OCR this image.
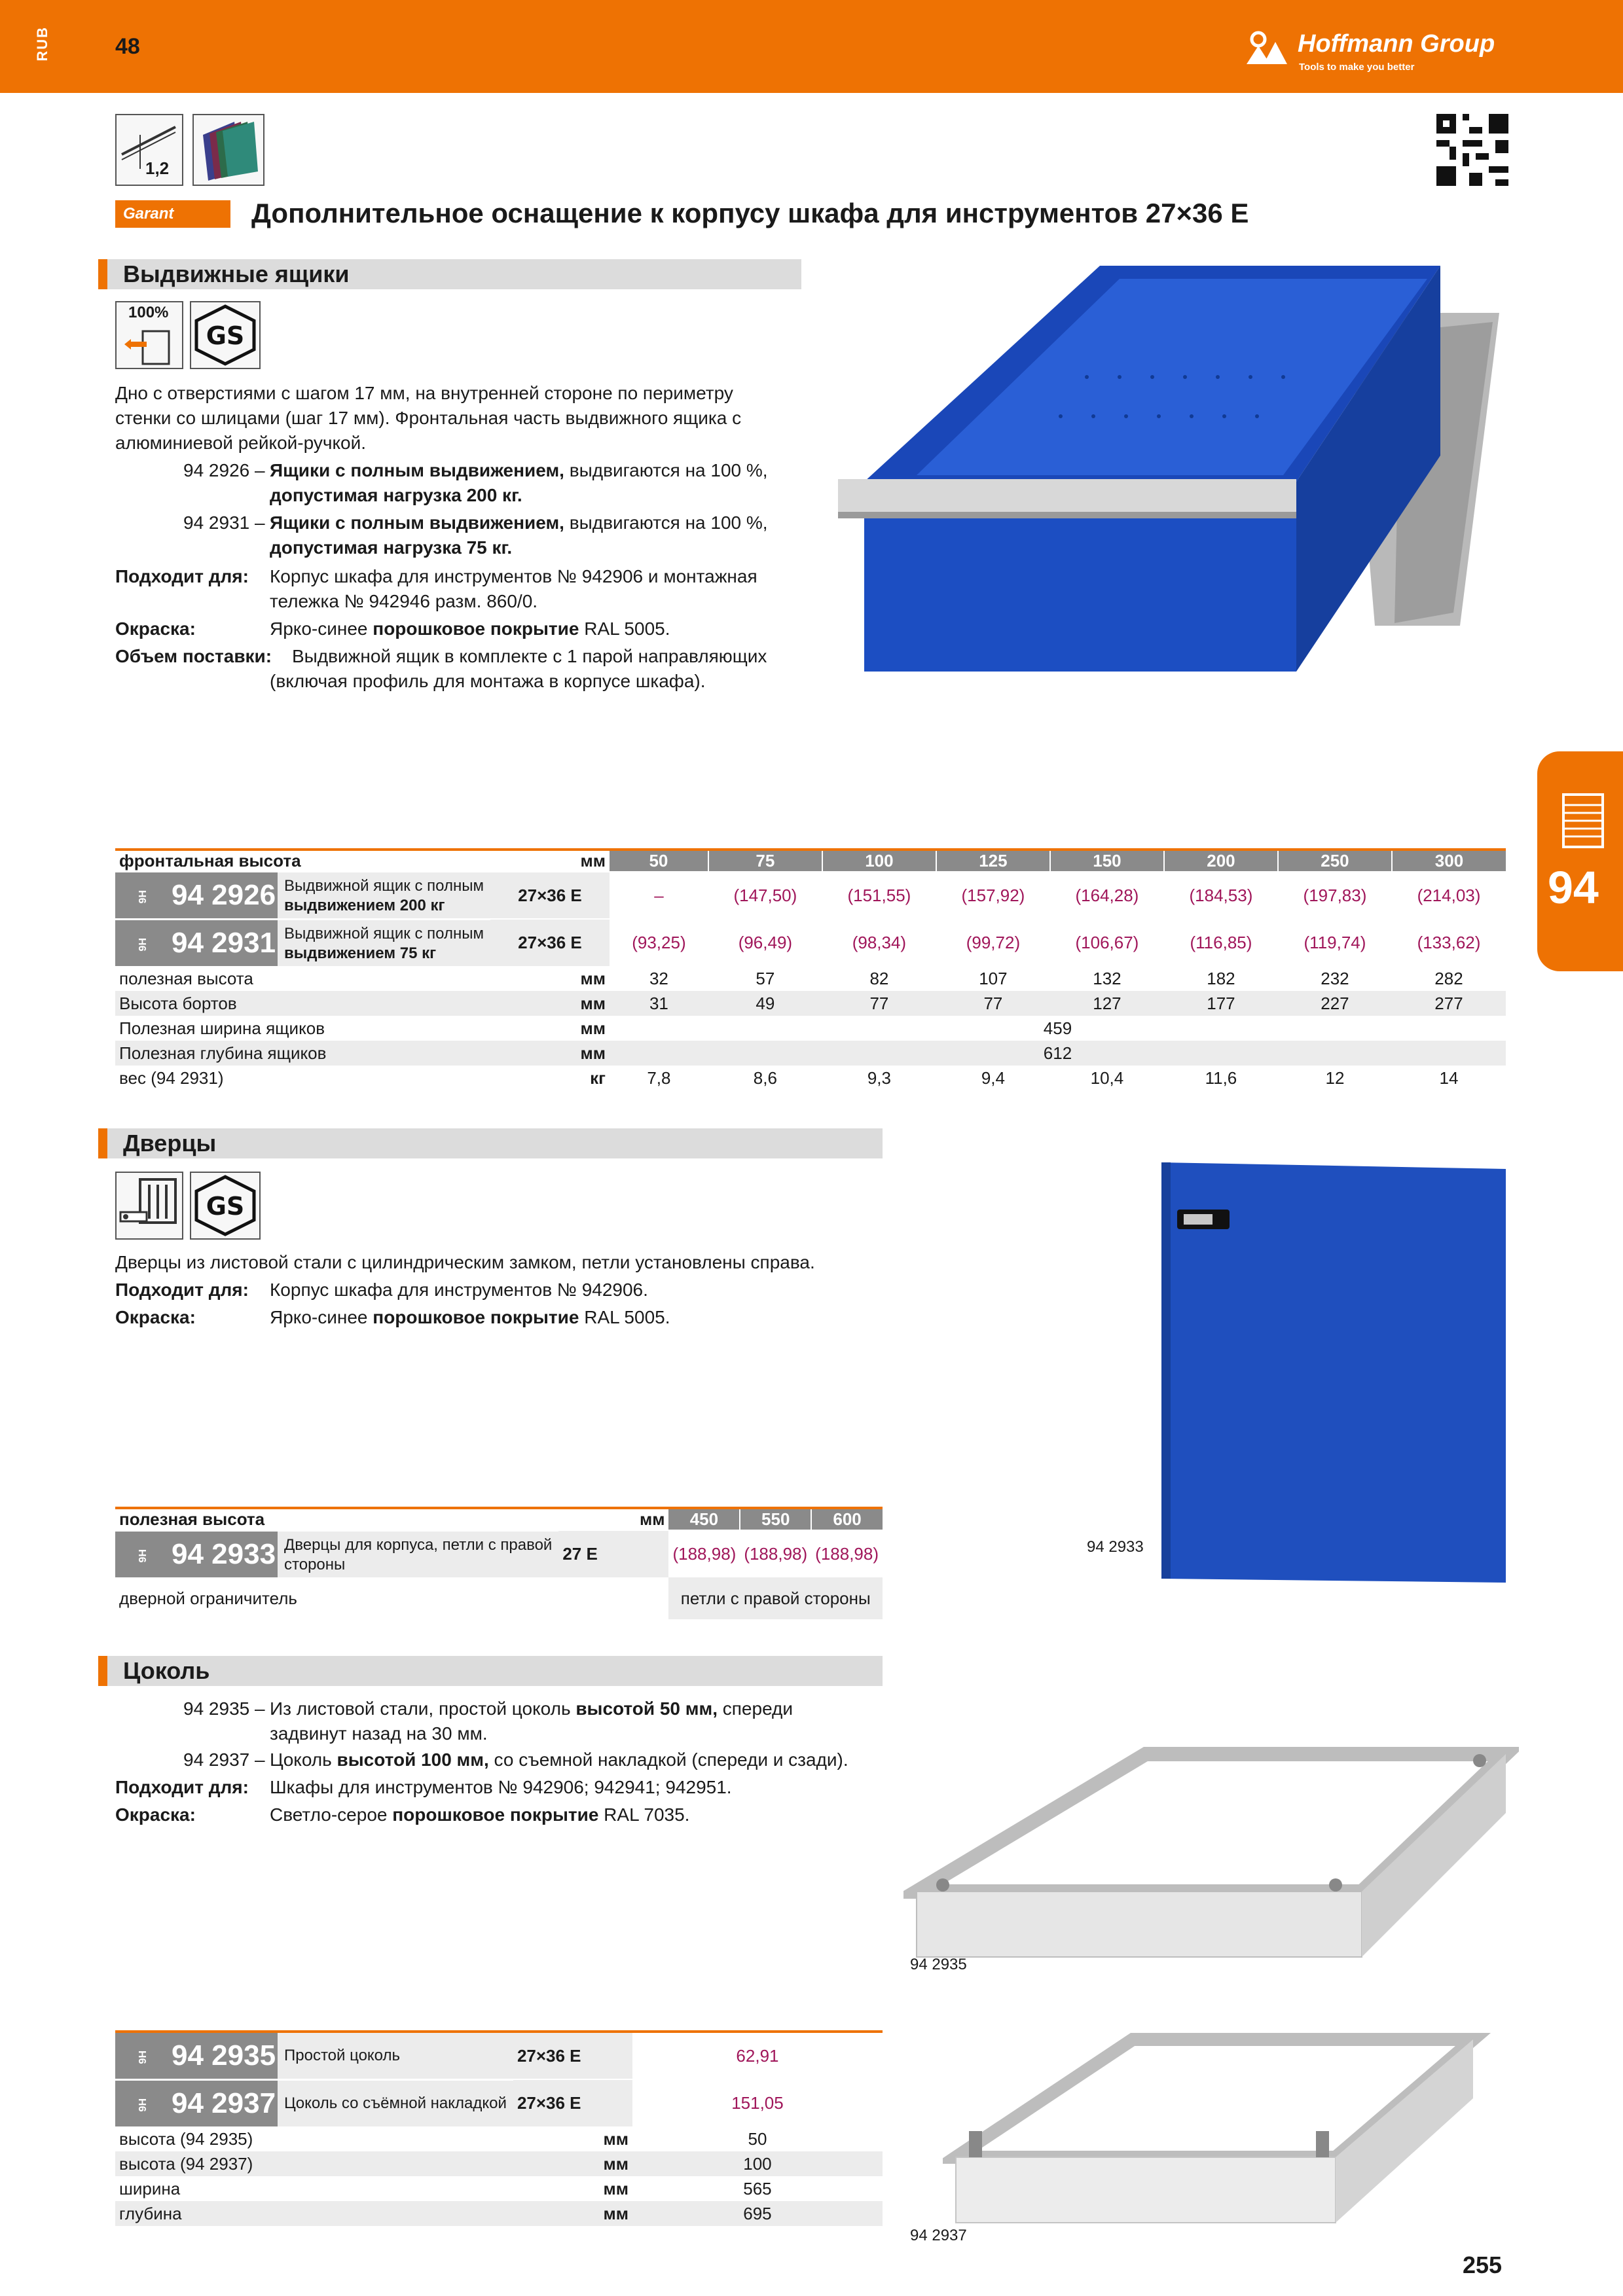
RUB	48	Hoffmann Group
Tools to make you better
1,2
Garant	Дополнительное оснащение к корпусу шкафа для инструментов 27×36 E
Выдвижные ящики
100%
GS
Дно с отверстиями с шагом 17 мм, на внутренней стороне по периметру
стенки со шлицами (шаг 17 мм). Фронтальная часть выдвижного ящика с
алюминиевой рейкой-ручкой.
94 2926 – Ящики с полным выдвижением, выдвигаются на 100 %,
допустимая нагрузка 200 кг.
94 2931 – Ящики с полным выдвижением, выдвигаются на 100 %,
допустимая нагрузка 75 кг.
Подходит для: Корпус шкафа для инструментов № 942906 и монтажная
тележка № 942946 разм. 860/0.
Окраска:	Ярко-синее порошковое покрытие RAL 5005.
Объем поставки: Выдвижной ящик в комплекте с 1 парой направляющих
(включая профиль для монтажа в корпусе шкафа).
фронтальная высота	мм	50	75	100	125	150	200	250	300

9H 94 2926 Выдвижной ящик с полным
выдвижением 200 кг	27×36 E	–	(147,50)	(151,55)	(157,92)	(164,28)	(184,53)	(197,83)	(214,03)

9H 94 2931 Выдвижной ящик с полным
выдвижением 75 кг	27×36 E	(93,25)	(96,49)	(98,34)	(99,72)	(106,67)	(116,85)	(119,74)	(133,62)
полезная высота	мм	32	57	82	107	132	182	232	282
Высота бортов	мм	31	49	77	77	127	177	227	277
Полезная ширина ящиков	мм	459							
Полезная глубина ящиков	мм	612							
вес (94 2931)	кг	7,8	8,6	9,3	9,4	10,4	11,6	12	14
94
Дверцы
GS
Дверцы из листовой стали с цилиндрическим замком, петли установлены справа.
Подходит для: Корпус шкафа для инструментов № 942906.
Окраска:	Ярко-синее порошковое покрытие RAL 5005.
94 2933
полезная высота	мм	450	550	600

9H 94 2933 Дверцы для корпуса, петли с правой
стороны	27 E	(188,98)	(188,98)	(188,98)
дверной ограничитель		петли с правой стороны		
Цоколь
94 2935 – Из листовой стали, простой цоколь высотой 50 мм, спереди
задвинут назад на 30 мм.
94 2937 – Цоколь высотой 100 мм, со съемной накладкой (спереди и сзади).
Подходит для: Шкафы для инструментов № 942906; 942941; 942951.
Окраска:	Светло-серое порошковое покрытие RAL 7035.
94 2935
94 2937
9H 94 2935 Простой цоколь	27×36 E	62,91

9H 94 2937 Цоколь со съёмной накладкой	27×36 E	151,05
высота (94 2935)	мм	50
высота (94 2937)	мм	100
ширина	мм	565
глубина	мм	695
255
